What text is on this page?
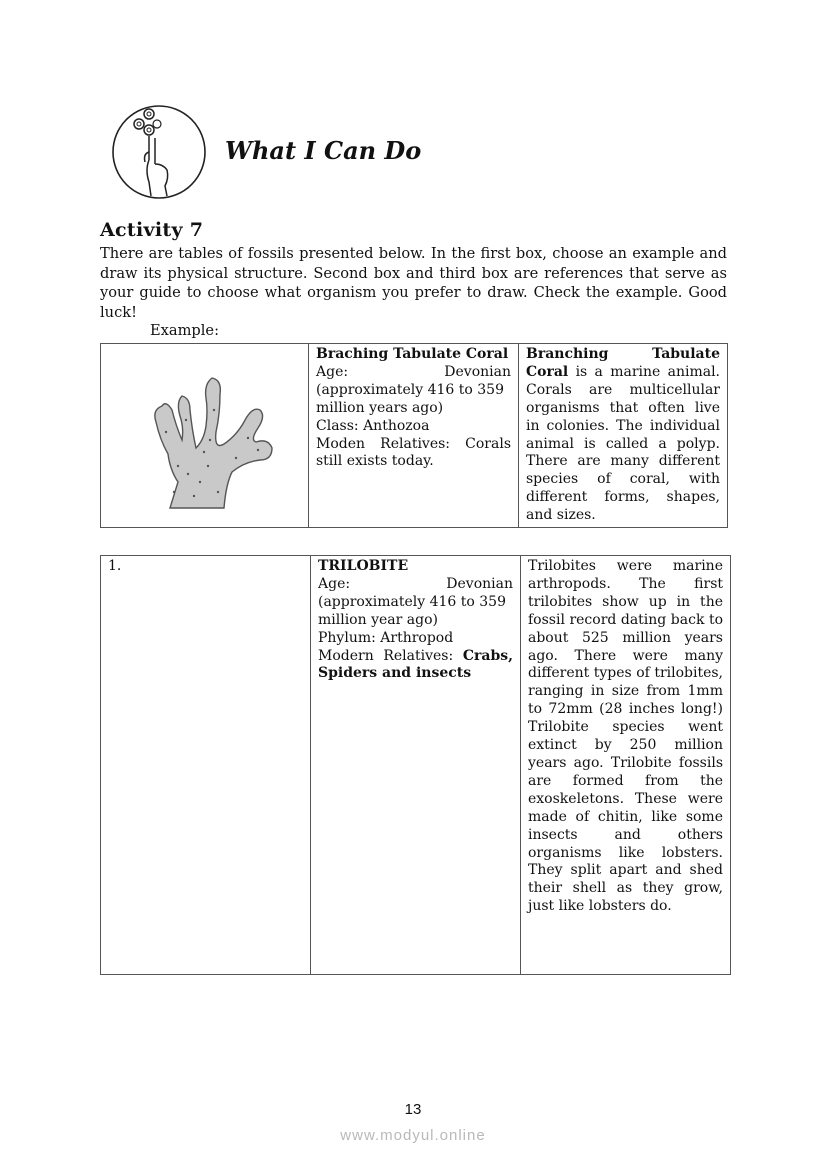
What I Can Do
Activity 7

There are tables of fossils presented below. In the first box, choose an example and draw its physical structure. Second box and third box are references that serve as your guide to choose what organism you prefer to draw. Check the example. Good luck!

Example:

Braching Tabulate Coral
Age:	Devonian
(approximately 416 to 359 million years ago)
Class: Anthozoa
Moden Relatives: Corals
still exists today.

Branching	Tabulate
Coral is a marine animal. Corals are multicellular organisms that often live in colonies. The individual animal is called a polyp. There are many different species of coral, with different forms, shapes, and sizes.
1.	TRILOBITE
Age:	Devonian
(approximately 416 to 359 million year ago)
Phylum: Arthropod
Modern Relatives: Crabs, Spiders and insects

Trilobites were marine arthropods. The first trilobites show up in the fossil record dating back to about 525 million years ago. There were many different types of trilobites, ranging in size from 1mm to 72mm (28 inches long!) Trilobite species went extinct by 250 million years ago. Trilobite fossils are formed from the exoskeletons. These were made of chitin, like some insects and others organisms like lobsters. They split apart and shed their shell as they grow, just like lobsters do.
13
www.modyul.online
